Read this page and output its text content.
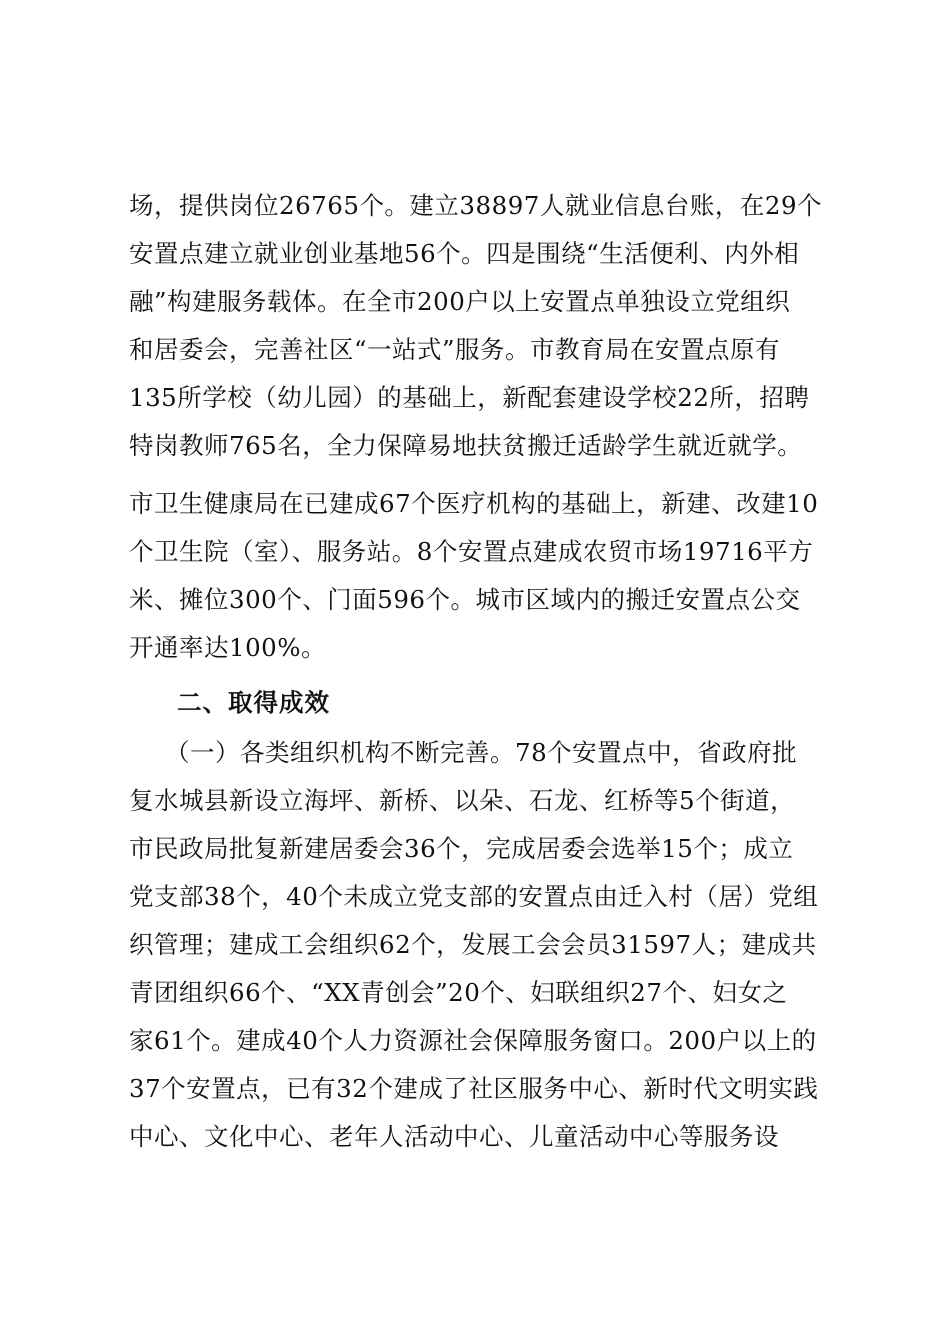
场，提供岗位26765个。建立38897人就业信息台账，在29个
安置点建立就业创业基地56个。四是围绕“生活便利、内外相
融”构建服务载体。在全市200户以上安置点单独设立党组织
和居委会，完善社区“一站式”服务。市教育局在安置点原有
135所学校（幼儿园）的基础上，新配套建设学校22所，招聘
特岗教师765名，全力保障易地扶贫搬迁适龄学生就近就学。
市卫生健康局在已建成67个医疗机构的基础上，新建、改建10
个卫生院（室）、服务站。8个安置点建成农贸市场19716平方
米、摊位300个、门面596个。城市区域内的搬迁安置点公交
开通率达100%。
二、取得成效
（一）各类组织机构不断完善。78个安置点中，省政府批
复水城县新设立海坪、新桥、以朵、石龙、红桥等5个街道，
市民政局批复新建居委会36个，完成居委会选举15个；成立
党支部38个，40个未成立党支部的安置点由迁入村（居）党组
织管理；建成工会组织62个，发展工会会员31597人；建成共
青团组织66个、“XX青创会”20个、妇联组织27个、妇女之
家61个。建成40个人力资源社会保障服务窗口。200户以上的
37个安置点，已有32个建成了社区服务中心、新时代文明实践
中心、文化中心、老年人活动中心、儿童活动中心等服务设
